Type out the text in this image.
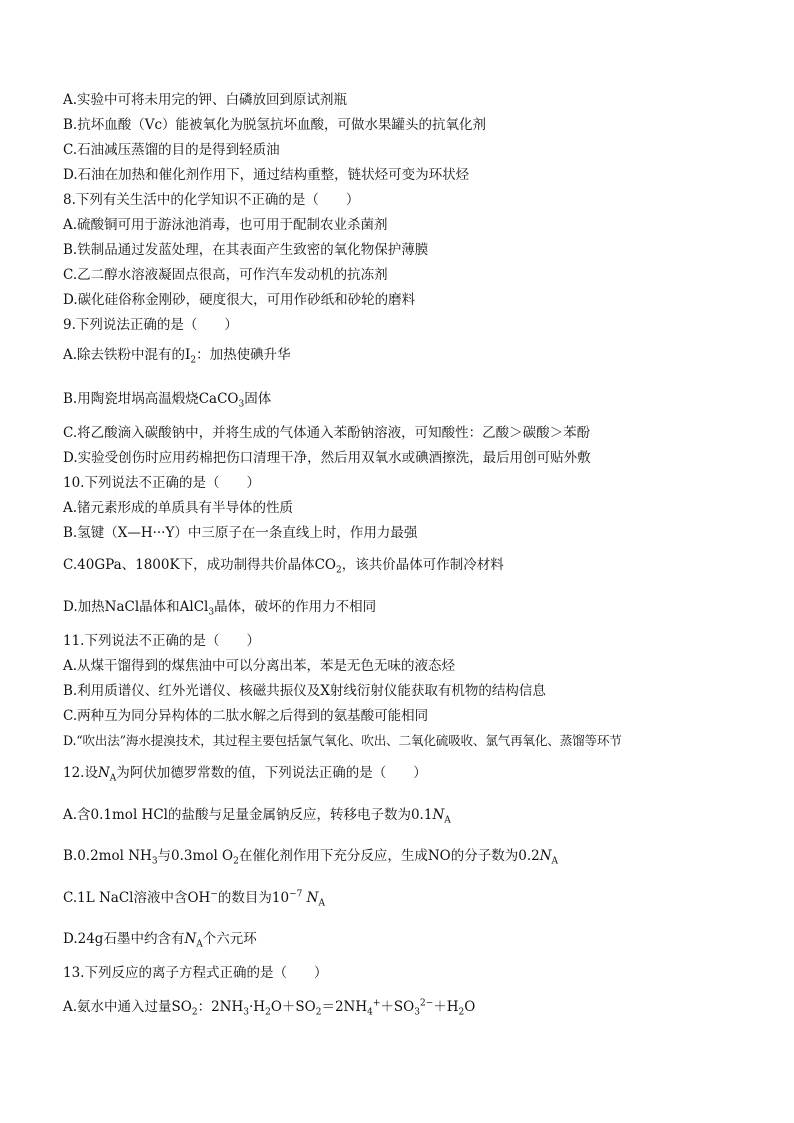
A.实验中可将未用完的钾、白磷放回到原试剂瓶
B.抗坏血酸（Vc）能被氧化为脱氢抗坏血酸，可做水果罐头的抗氧化剂
C.石油减压蒸馏的目的是得到轻质油
D.石油在加热和催化剂作用下，通过结构重整，链状烃可变为环状烃
8.下列有关生活中的化学知识不正确的是（　　）
A.硫酸铜可用于游泳池消毒，也可用于配制农业杀菌剂
B.铁制品通过发蓝处理，在其表面产生致密的氧化物保护薄膜
C.乙二醇水溶液凝固点很高，可作汽车发动机的抗冻剂
D.碳化硅俗称金刚砂，硬度很大，可用作砂纸和砂轮的磨料
9.下列说法正确的是（　　）
A.除去铁粉中混有的$I_2$：加热使碘升华
B.用陶瓷坩埚高温煅烧CaCO$_3$固体
C.将乙酸滴入碳酸钠中，并将生成的气体通入苯酚钠溶液，可知酸性：乙酸＞碳酸＞苯酚
D.实验受创伤时应用药棉把伤口清理干净，然后用双氧水或碘酒擦洗，最后用创可贴外敷
10.下列说法不正确的是（　　）
A.锗元素形成的单质具有半导体的性质
B.氢键（X—H···Y）中三原子在一条直线上时，作用力最强
C.40GPa、1800K下，成功制得共价晶体$CO_2$，该共价晶体可作制冷材料
D.加热NaCl晶体和AlCl$_3$晶体，破坏的作用力不相同
11.下列说法不正确的是（　　）
A.从煤干馏得到的煤焦油中可以分离出苯，苯是无色无味的液态烃
B.利用质谱仪、红外光谱仪、核磁共振仪及X射线衍射仪能获取有机物的结构信息
C.两种互为同分异构体的二肽水解之后得到的氨基酸可能相同
D.“吹出法”海水提溴技术，其过程主要包括氯气氧化、吹出、二氧化硫吸收、氯气再氧化、蒸馏等环节
12.设$N_A$为阿伏加德罗常数的值，下列说法正确的是（　　）
A.含0.1mol HCl的盐酸与足量金属钠反应，转移电子数为$0.1N_A$
B.0.2mol $NH_3$与0.3mol $O_2$在催化剂作用下充分反应，生成NO的分子数为$0.2N_A$
C.1L NaCl溶液中含OH−的数目为$10^{-7}$ $N_A$
D.24g石墨中约含有$N_A$个六元环
13.下列反应的离子方程式正确的是（　　）
A.氨水中通入过量$SO_2$：$2NH_3\cdot H_2O+SO_2=2NH_4^++SO_3^{2-}+H_2O$
